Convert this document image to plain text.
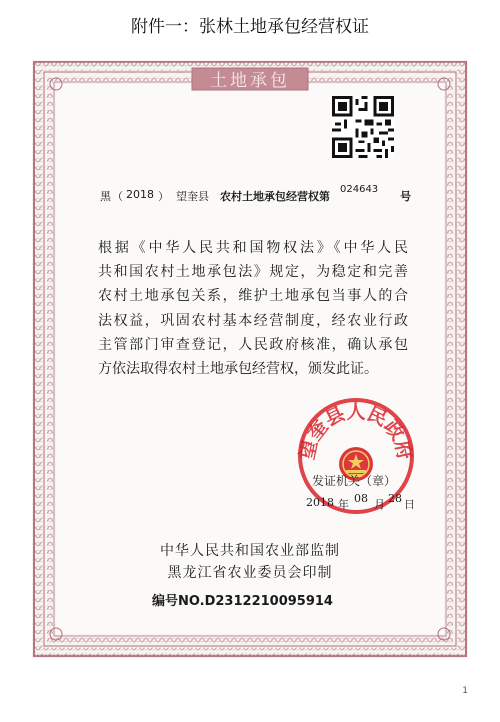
附件一：张林土地承包经营权证
土地承包
黑 （ 2018 ） 望奎县 农村土地承包经营权第
024643
号
根据《中华人民共和国物权法》《中华人民
共和国农村土地承包法》规定，为稳定和完善
农村土地承包关系，维护土地承包当事人的合
法权益，巩固农村基本经营制度，经农业行政
主管部门审查登记，人民政府核准，确认承包
方依法取得农村土地承包经营权，颁发此证。
望奎县人民政府
发证机关（章）
2018 年 08 月 28 日
中华人民共和国农业部监制
黑龙江省农业委员会印制
编号NO.D2312210095914
1
